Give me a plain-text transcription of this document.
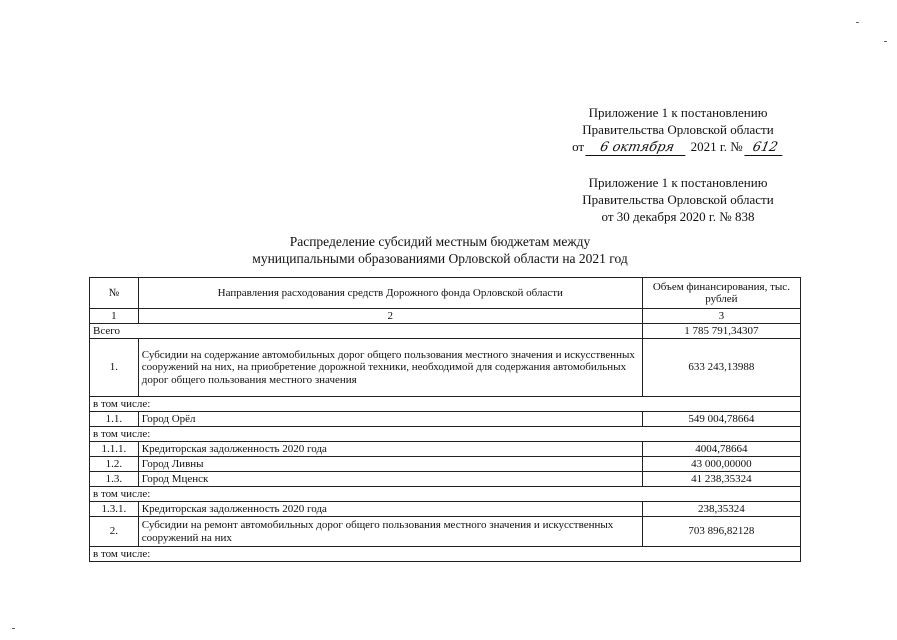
Приложение 1 к постановлению
Правительства Орловской области
от 6 октября 2021 г. № 612
Приложение 1 к постановлению
Правительства Орловской области
от 30 декабря 2020 г. № 838
Распределение субсидий местным бюджетам между
муниципальными образованиями Орловской области на 2021 год
№	Направления расходования средств Дорожного фонда Орловской области	Объем финансирования, тыс. рублей
1	2	3
Всего		1 785 791,34307
1.	Субсидии на содержание автомобильных дорог общего пользования местного значения и искусственных сооружений на них, на приобретение дорожной техники, необходимой для содержания автомобильных дорог общего пользования местного значения	633 243,13988
в том числе:		
1.1.	Город Орёл	549 004,78664
в том числе:		
1.1.1.	Кредиторская задолженность 2020 года	4004,78664
1.2.	Город Ливны	43 000,00000
1.3.	Город Мценск	41 238,35324
в том числе:		
1.3.1.	Кредиторская задолженность 2020 года	238,35324
2.	Субсидии на ремонт автомобильных дорог общего пользования местного значения и искусственных сооружений на них	703 896,82128
в том числе:		
